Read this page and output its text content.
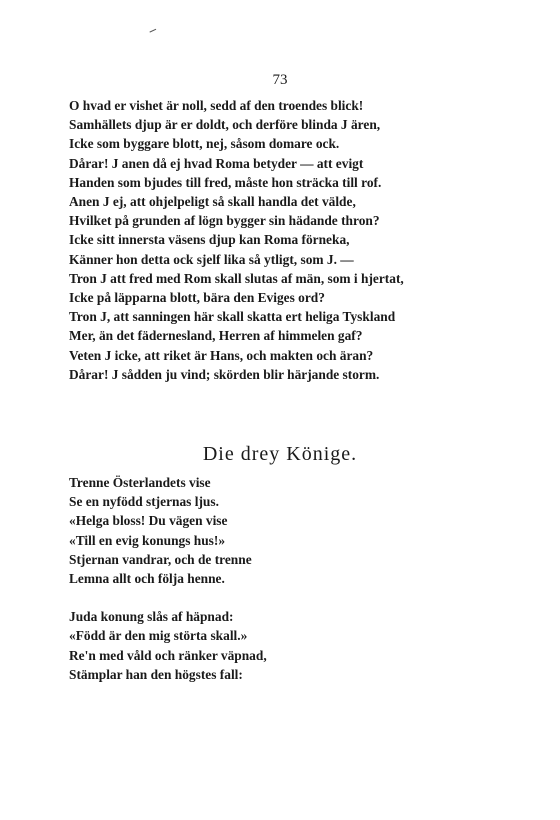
73
O hvad er vishet är noll, sedd af den troendes blick!
Samhällets djup är er doldt, och derföre blinda J ären,
Icke som byggare blott, nej, såsom domare ock.
Dårar! J anen då ej hvad Roma betyder — att evigt
Handen som bjudes till fred, måste hon sträcka till rof.
Anen J ej, att ohjelpeligt så skall handla det välde,
Hvilket på grunden af lögn bygger sin hädande thron?
Icke sitt innersta väsens djup kan Roma förneka,
Känner hon detta ock sjelf lika så ytligt, som J. —
Tron J att fred med Rom skall slutas af män, som i hjertat,
Icke på läpparna blott, bära den Eviges ord?
Tron J, att sanningen här skall skatta ert heliga Tyskland
Mer, än det fädernesland, Herren af himmelen gaf?
Veten J icke, att riket är Hans, och makten och äran?
Dårar! J sådden ju vind; skörden blir härjande storm.
Die drey Könige.
Trenne Österlandets vise
Se en nyfödd stjernas ljus.
«Helga bloss! Du vägen vise
«Till en evig konungs hus!»
Stjernan vandrar, och de trenne
Lemna allt och följa henne.
Juda konung slås af häpnad:
«Född är den mig störta skall.»
Re'n med våld och ränker väpnad,
Stämplar han den högstes fall:
